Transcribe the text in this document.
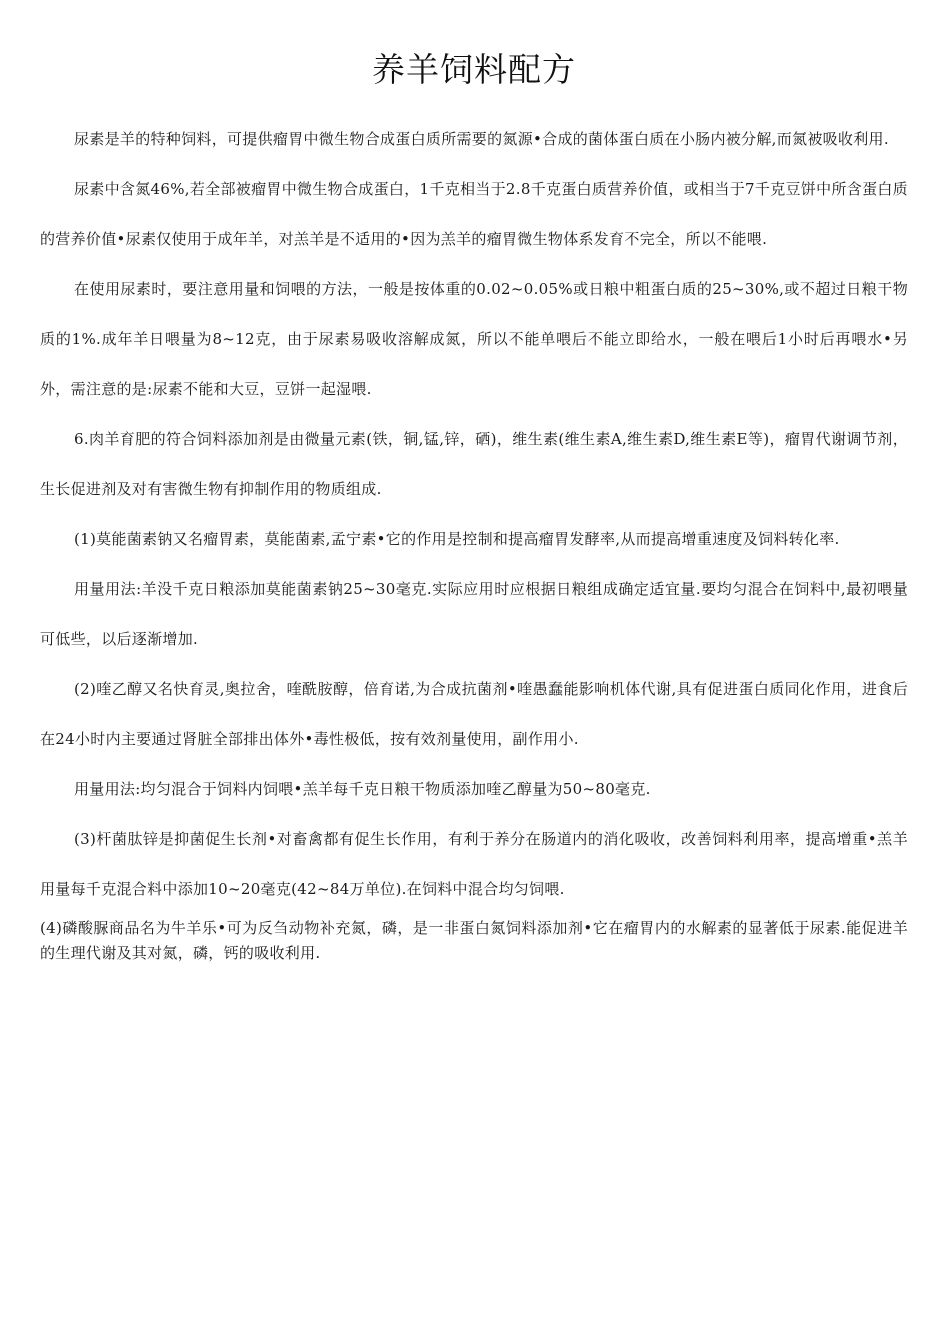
养羊饲料配方

尿素是羊的特种饲料，可提供瘤胃中微生物合成蛋白质所需要的氮源•合成的菌体蛋白质在小肠内被分解,而氮被吸收利用.

尿素中含氮46%,若全部被瘤胃中微生物合成蛋白，1千克相当于2.8千克蛋白质营养价值，或相当于7千克豆饼中所含蛋白质的营养价值•尿素仅使用于成年羊，对羔羊是不适用的•因为羔羊的瘤胃微生物体系发育不完全，所以不能喂.

在使用尿素时，要注意用量和饲喂的方法，一般是按体重的0.02~0.05%或日粮中粗蛋白质的25~30%,或不超过日粮干物质的1%.成年羊日喂量为8~12克，由于尿素易吸收溶解成氮，所以不能单喂后不能立即给水，一般在喂后1小时后再喂水•另外，需注意的是:尿素不能和大豆，豆饼一起湿喂.

6.肉羊育肥的符合饲料添加剂是由微量元素(铁，铜,锰,锌，硒)，维生素(维生素A,维生素D,维生素E等)，瘤胃代谢调节剂，生长促进剂及对有害微生物有抑制作用的物质组成.

(1)莫能菌素钠又名瘤胃素，莫能菌素,孟宁素•它的作用是控制和提高瘤胃发酵率,从而提高增重速度及饲料转化率.

用量用法:羊没千克日粮添加莫能菌素钠25~30毫克.实际应用时应根据日粮组成确定适宜量.要均匀混合在饲料中,最初喂量可低些，以后逐渐增加.

(2)喹乙醇又名快育灵,奥拉舍，喹酰胺醇，倍育诺,为合成抗菌剂•喹愚蠢能影响机体代谢,具有促进蛋白质同化作用，进食后在24小时内主要通过肾脏全部排出体外•毒性极低，按有效剂量使用，副作用小.

用量用法:均匀混合于饲料内饲喂•羔羊每千克日粮干物质添加喹乙醇量为50~80毫克.

(3)杆菌肽锌是抑菌促生长剂•对畜禽都有促生长作用，有利于养分在肠道内的消化吸收，改善饲料利用率，提高增重•羔羊用量每千克混合料中添加10~20毫克(42~84万单位).在饲料中混合均匀饲喂.

(4)磷酸脲商品名为牛羊乐•可为反刍动物补充氮，磷，是一非蛋白氮饲料添加剂•它在瘤胃内的水解素的显著低于尿素.能促进羊的生理代谢及其对氮，磷，钙的吸收利用.
